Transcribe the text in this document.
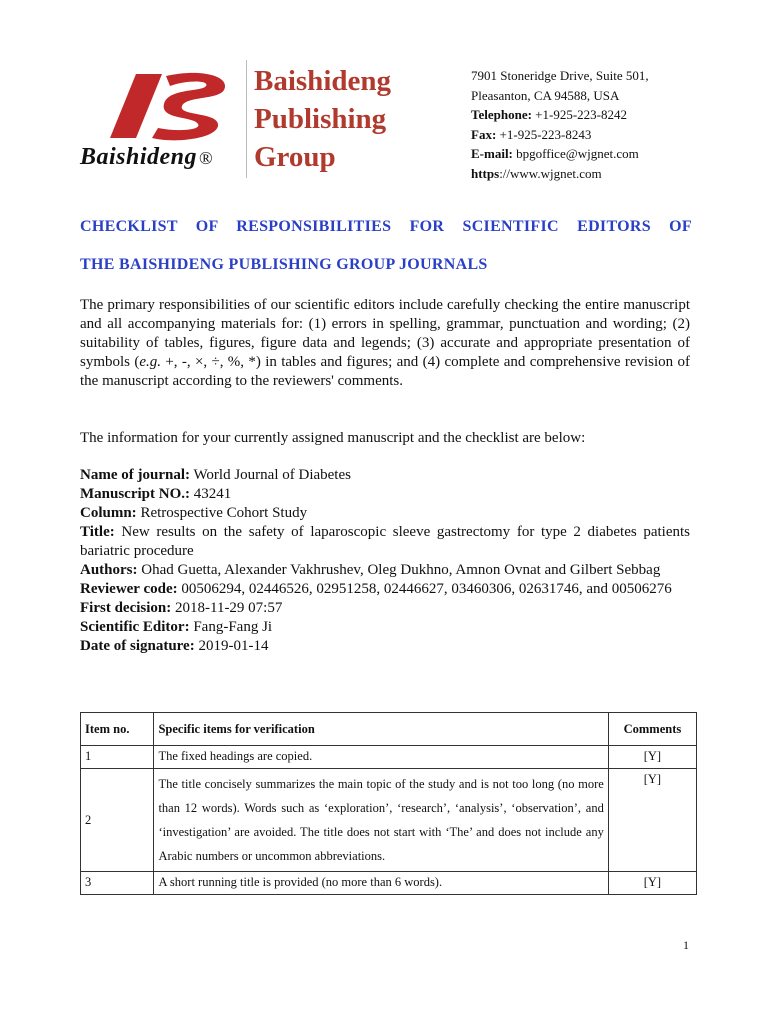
Baishideng ®
Baishideng
Publishing
Group
7901 Stoneridge Drive, Suite 501,
Pleasanton, CA 94588, USA
Telephone: +1-925-223-8242
Fax: +1-925-223-8243
E-mail: bpgoffice@wjgnet.com
https://www.wjgnet.com
CHECKLIST OF RESPONSIBILITIES FOR SCIENTIFIC EDITORS OF
THE BAISHIDENG PUBLISHING GROUP JOURNALS
The primary responsibilities of our scientific editors include carefully checking the entire manuscript and all accompanying materials for: (1) errors in spelling, grammar, punctuation and wording; (2) suitability of tables, figures, figure data and legends; (3) accurate and appropriate presentation of symbols (e.g. +, -, ×, ÷, %, *) in tables and figures; and (4) complete and comprehensive revision of the manuscript according to the reviewers' comments.
The information for your currently assigned manuscript and the checklist are below:
Name of journal: World Journal of Diabetes
Manuscript NO.: 43241
Column: Retrospective Cohort Study
Title: New results on the safety of laparoscopic sleeve gastrectomy for type 2 diabetes patients bariatric procedure
Authors: Ohad Guetta, Alexander Vakhrushev, Oleg Dukhno, Amnon Ovnat and Gilbert Sebbag
Reviewer code: 00506294, 02446526, 02951258, 02446627, 03460306, 02631746, and 00506276
First decision: 2018-11-29 07:57
Scientific Editor: Fang-Fang Ji
Date of signature: 2019-01-14
Item no.	Specific items for verification	Comments
1	The fixed headings are copied.	[Y]
2	The title concisely summarizes the main topic of the study and is not too long (no more than 12 words). Words such as ‘exploration’, ‘research’, ‘analysis’, ‘observation’, and ‘investigation’ are avoided. The title does not start with ‘The’ and does not include any Arabic numbers or uncommon abbreviations.	[Y]
3	A short running title is provided (no more than 6 words).	[Y]
1
